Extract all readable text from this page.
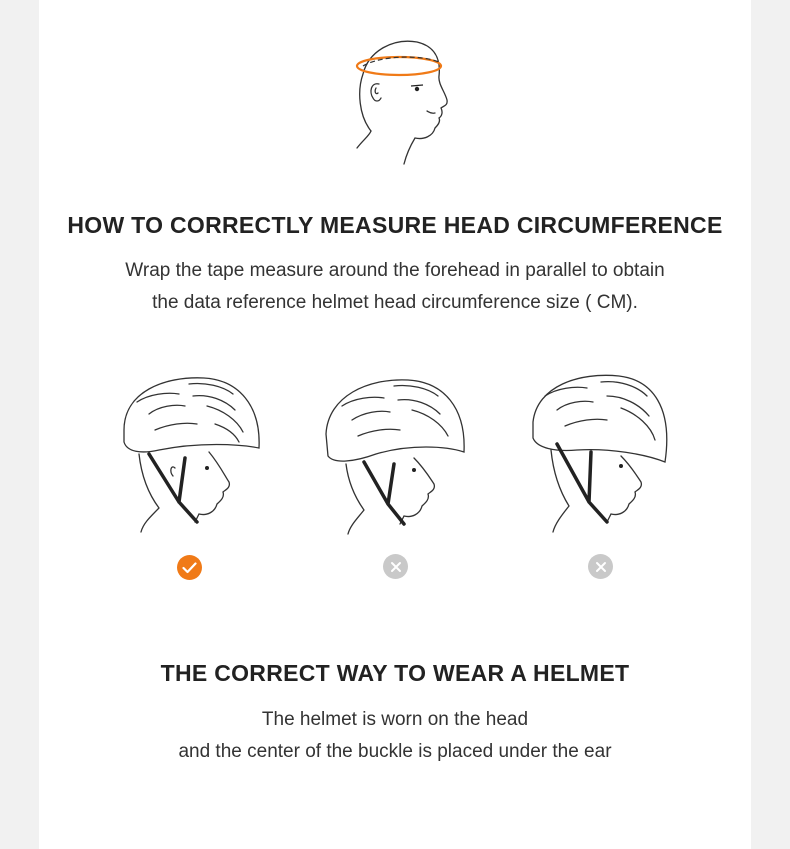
HOW TO CORRECTLY MEASURE HEAD CIRCUMFERENCE
Wrap the tape measure around the forehead in parallel to obtain
the data reference helmet head circumference size ( CM).
THE CORRECT WAY TO WEAR A HELMET
The helmet is worn on the head
and the center of the buckle is placed under the ear
